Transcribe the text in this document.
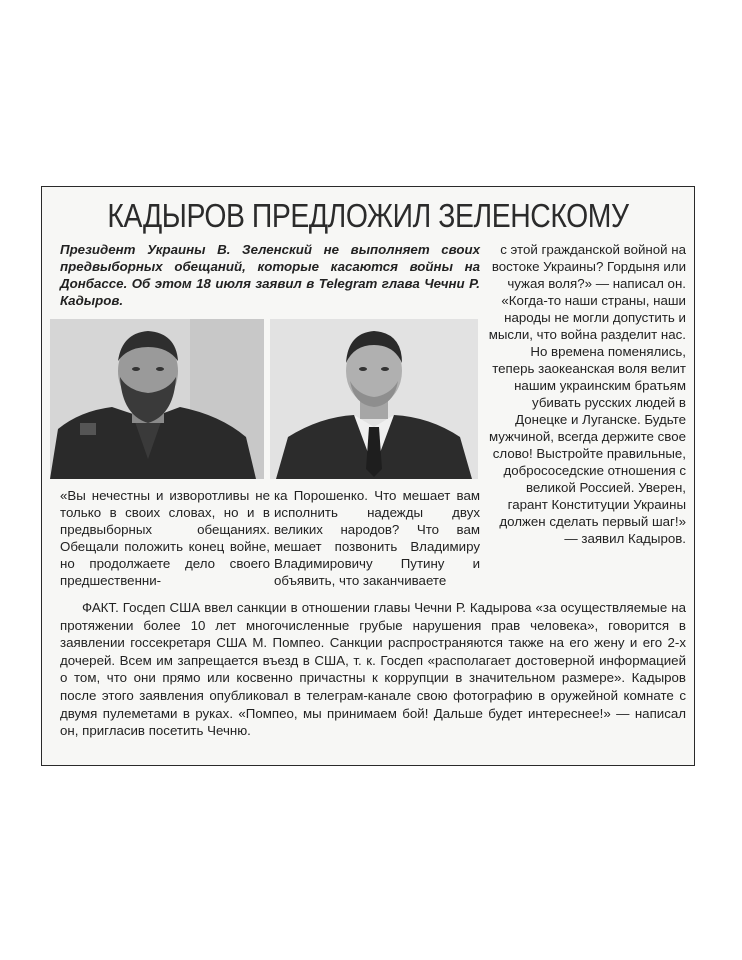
КАДЫРОВ ПРЕДЛОЖИЛ ЗЕЛЕНСКОМУ
Президент Украины В. Зеленский не выполняет своих предвыборных обещаний, которые касаются войны на Донбассе. Об этом 18 июля заявил в Telegram глава Чечни Р. Кадыров.
с этой гражданской войной на востоке Украины? Гордыня или чужая воля?» — написал он. «Когда-то наши страны, наши народы не могли допустить и мысли, что война разделит нас. Но времена поменялись, теперь заокеанская воля велит нашим украинским братьям убивать русских людей в Донецке и Луганске. Будьте мужчиной, всегда держите свое слово! Выстройте правильные, добрососедские отношения с великой Россией. Уверен, гарант Конституции Украины должен сделать первый шаг!» — заявил Кадыров.
«Вы нечестны и изворотливы не только в своих словах, но и в предвыборных обещаниях. Обещали положить конец войне, но продолжаете дело своего предшественни-
ка Порошенко. Что мешает вам исполнить надежды двух великих народов? Что вам мешает позвонить Владимиру Владимировичу Путину и объявить, что заканчиваете
ФАКТ. Госдеп США ввел санкции в отношении главы Чечни Р. Кадырова «за осуществляемые на протяжении более 10 лет многочисленные грубые нарушения прав человека», говорится в заявлении госсекретаря США М. Помпео. Санкции распространяются также на его жену и его 2-х дочерей. Всем им запрещается въезд в США, т. к. Госдеп «располагает достоверной информацией о том, что они прямо или косвенно причастны к коррупции в значительном размере». Кадыров после этого заявления опубликовал в телеграм-канале свою фотографию в оружейной комнате с двумя пулеметами в руках. «Помпео, мы принимаем бой! Дальше будет интереснее!» — написал он, пригласив посетить Чечню.
